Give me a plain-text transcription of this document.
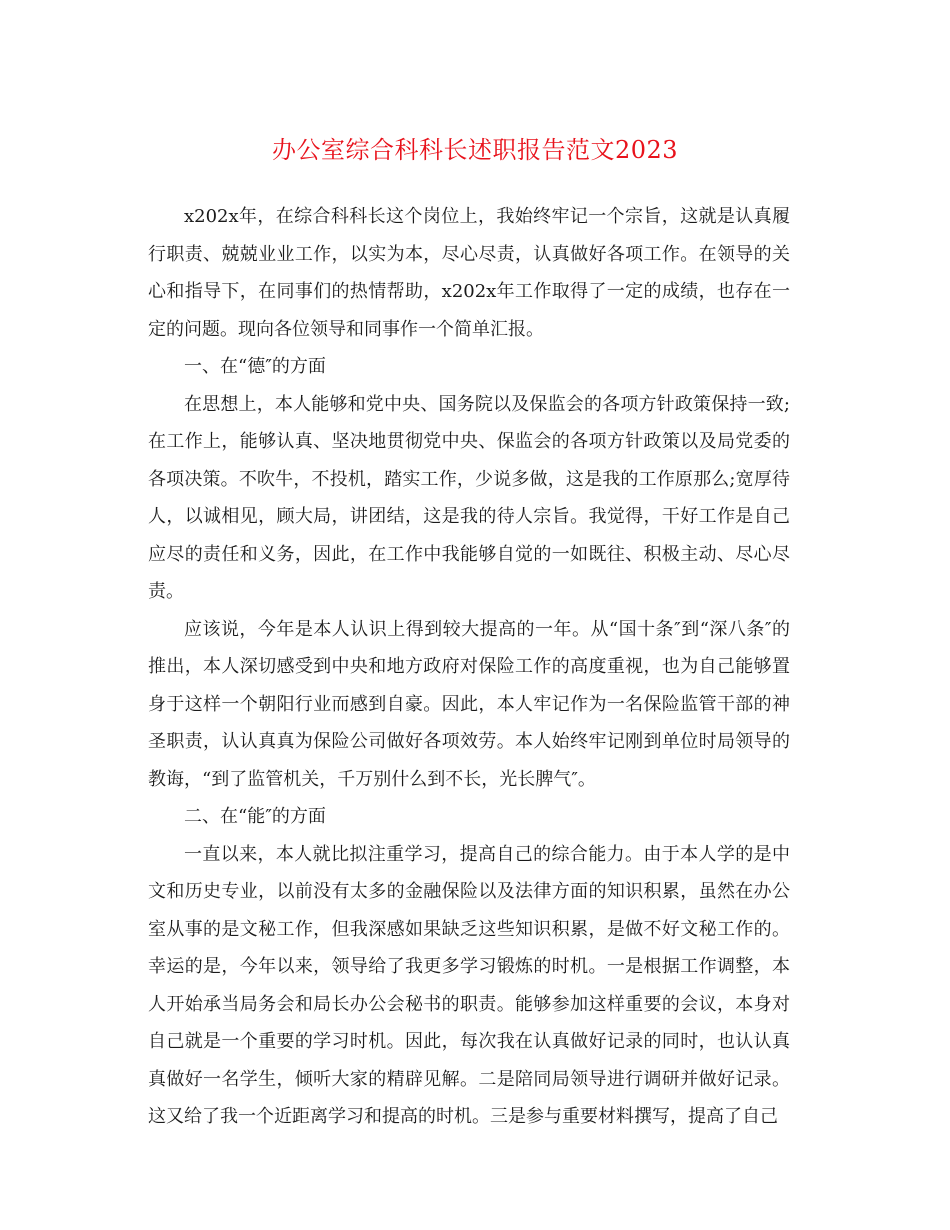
办公室综合科科长述职报告范文2023

x202x年，在综合科科长这个岗位上，我始终牢记一个宗旨，这就是认真履行职责、兢兢业业工作，以实为本，尽心尽责，认真做好各项工作。在领导的关心和指导下，在同事们的热情帮助，x202x年工作取得了一定的成绩，也存在一定的问题。现向各位领导和同事作一个简单汇报。

一、在“德″的方面

在思想上，本人能够和党中央、国务院以及保监会的各项方针政策保持一致;在工作上，能够认真、坚决地贯彻党中央、保监会的各项方针政策以及局党委的各项决策。不吹牛，不投机，踏实工作，少说多做，这是我的工作原那么;宽厚待人，以诚相见，顾大局，讲团结，这是我的待人宗旨。我觉得，干好工作是自己应尽的责任和义务，因此，在工作中我能够自觉的一如既往、积极主动、尽心尽责。

应该说，今年是本人认识上得到较大提高的一年。从“国十条″到“深八条″的推出，本人深切感受到中央和地方政府对保险工作的高度重视，也为自己能够置身于这样一个朝阳行业而感到自豪。因此，本人牢记作为一名保险监管干部的神圣职责，认认真真为保险公司做好各项效劳。本人始终牢记刚到单位时局领导的教诲，“到了监管机关，千万别什么到不长，光长脾气″。

二、在“能″的方面

一直以来，本人就比拟注重学习，提高自己的综合能力。由于本人学的是中文和历史专业，以前没有太多的金融保险以及法律方面的知识积累，虽然在办公室从事的是文秘工作，但我深感如果缺乏这些知识积累，是做不好文秘工作的。幸运的是，今年以来，领导给了我更多学习锻炼的时机。一是根据工作调整，本人开始承当局务会和局长办公会秘书的职责。能够参加这样重要的会议，本身对自己就是一个重要的学习时机。因此，每次我在认真做好记录的同时，也认认真真做好一名学生，倾听大家的精辟见解。二是陪同局领导进行调研并做好记录。这又给了我一个近距离学习和提高的时机。三是参与重要材料撰写，提高了自己
